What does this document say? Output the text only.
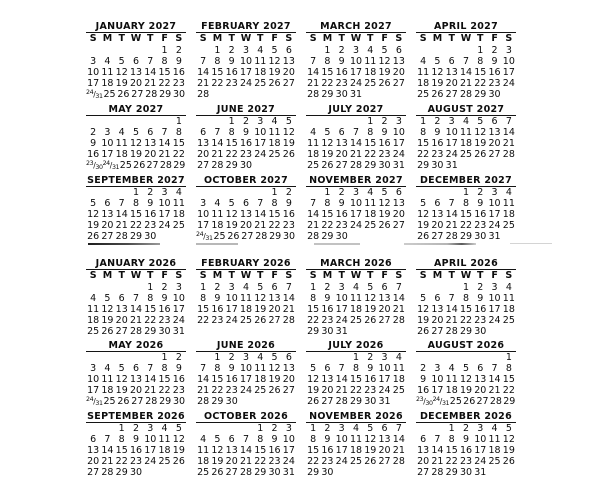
JANUARY 2027
S M T W T F S
1 2
3 4 5 6 7 8 9
10 11 12 13 14 15 16
17 18 19 20 21 22 23
$^{24}$/31 25 26 27 28 29 30
FEBRUARY 2027
S M T W T F S
1 2 3 4 5 6
7 8 9 10 11 12 13
14 15 16 17 18 19 20
21 22 23 24 25 26 27
28
MARCH 2027
S M T W T F S
1 2 3 4 5 6
7 8 9 10 11 12 13
14 15 16 17 18 19 20
21 22 23 24 25 26 27
28 29 30 31
APRIL 2027
S M T W T F S
1 2 3
4 5 6 7 8 9 10
11 12 13 14 15 16 17
18 19 20 21 22 23 24
25 26 27 28 29 30
MAY 2027
1
2 3 4 5 6 7 8
9 10 11 12 13 14 15
16 17 18 19 20 21 22
$^{23}$/30 $^{24}$/31 25 26 27 28 29
JUNE 2027
1 2 3 4 5
6 7 8 9 10 11 12
13 14 15 16 17 18 19
20 21 22 23 24 25 26
27 28 29 30
JULY 2027
1 2 3
4 5 6 7 8 9 10
11 12 13 14 15 16 17
18 19 20 21 22 23 24
25 26 27 28 29 30 31
AUGUST 2027
1 2 3 4 5 6 7
8 9 10 11 12 13 14
15 16 17 18 19 20 21
22 23 24 25 26 27 28
29 30 31
SEPTEMBER 2027
1 2 3 4
5 6 7 8 9 10 11
12 13 14 15 16 17 18
19 20 21 22 23 24 25
26 27 28 29 30
OCTOBER 2027
1 2
3 4 5 6 7 8 9
10 11 12 13 14 15 16
17 18 19 20 21 22 23
$^{24}$/31 25 26 27 28 29 30
NOVEMBER 2027
1 2 3 4 5 6
7 8 9 10 11 12 13
14 15 16 17 18 19 20
21 22 23 24 25 26 27
28 29 30
DECEMBER 2027
1 2 3 4
5 6 7 8 9 10 11
12 13 14 15 16 17 18
19 20 21 22 23 24 25
26 27 28 29 30 31
JANUARY 2026
S M T W T F S
1 2 3
4 5 6 7 8 9 10
11 12 13 14 15 16 17
18 19 20 21 22 23 24
25 26 27 28 29 30 31
FEBRUARY 2026
S M T W T F S
1 2 3 4 5 6 7
8 9 10 11 12 13 14
15 16 17 18 19 20 21
22 23 24 25 26 27 28
MARCH 2026
S M T W T F S
1 2 3 4 5 6 7
8 9 10 11 12 13 14
15 16 17 18 19 20 21
22 23 24 25 26 27 28
29 30 31
APRIL 2026
S M T W T F S
1 2 3 4
5 6 7 8 9 10 11
12 13 14 15 16 17 18
19 20 21 22 23 24 25
26 27 28 29 30
MAY 2026
1 2
3 4 5 6 7 8 9
10 11 12 13 14 15 16
17 18 19 20 21 22 23
$^{24}$/31 25 26 27 28 29 30
JUNE 2026
1 2 3 4 5 6
7 8 9 10 11 12 13
14 15 16 17 18 19 20
21 22 23 24 25 26 27
28 29 30
JULY 2026
1 2 3 4
5 6 7 8 9 10 11
12 13 14 15 16 17 18
19 20 21 22 23 24 25
26 27 28 29 30 31
AUGUST 2026
1
2 3 4 5 6 7 8
9 10 11 12 13 14 15
16 17 18 19 20 21 22
$^{23}$/30 $^{24}$/31 25 26 27 28 29
SEPTEMBER 2026
1 2 3 4 5
6 7 8 9 10 11 12
13 14 15 16 17 18 19
20 21 22 23 24 25 26
27 28 29 30
OCTOBER 2026
1 2 3
4 5 6 7 8 9 10
11 12 13 14 15 16 17
18 19 20 21 22 23 24
25 26 27 28 29 30 31
NOVEMBER 2026
1 2 3 4 5 6 7
8 9 10 11 12 13 14
15 16 17 18 19 20 21
22 23 24 25 26 27 28
29 30
DECEMBER 2026
1 2 3 4 5
6 7 8 9 10 11 12
13 14 15 16 17 18 19
20 21 22 23 24 25 26
27 28 29 30 31
